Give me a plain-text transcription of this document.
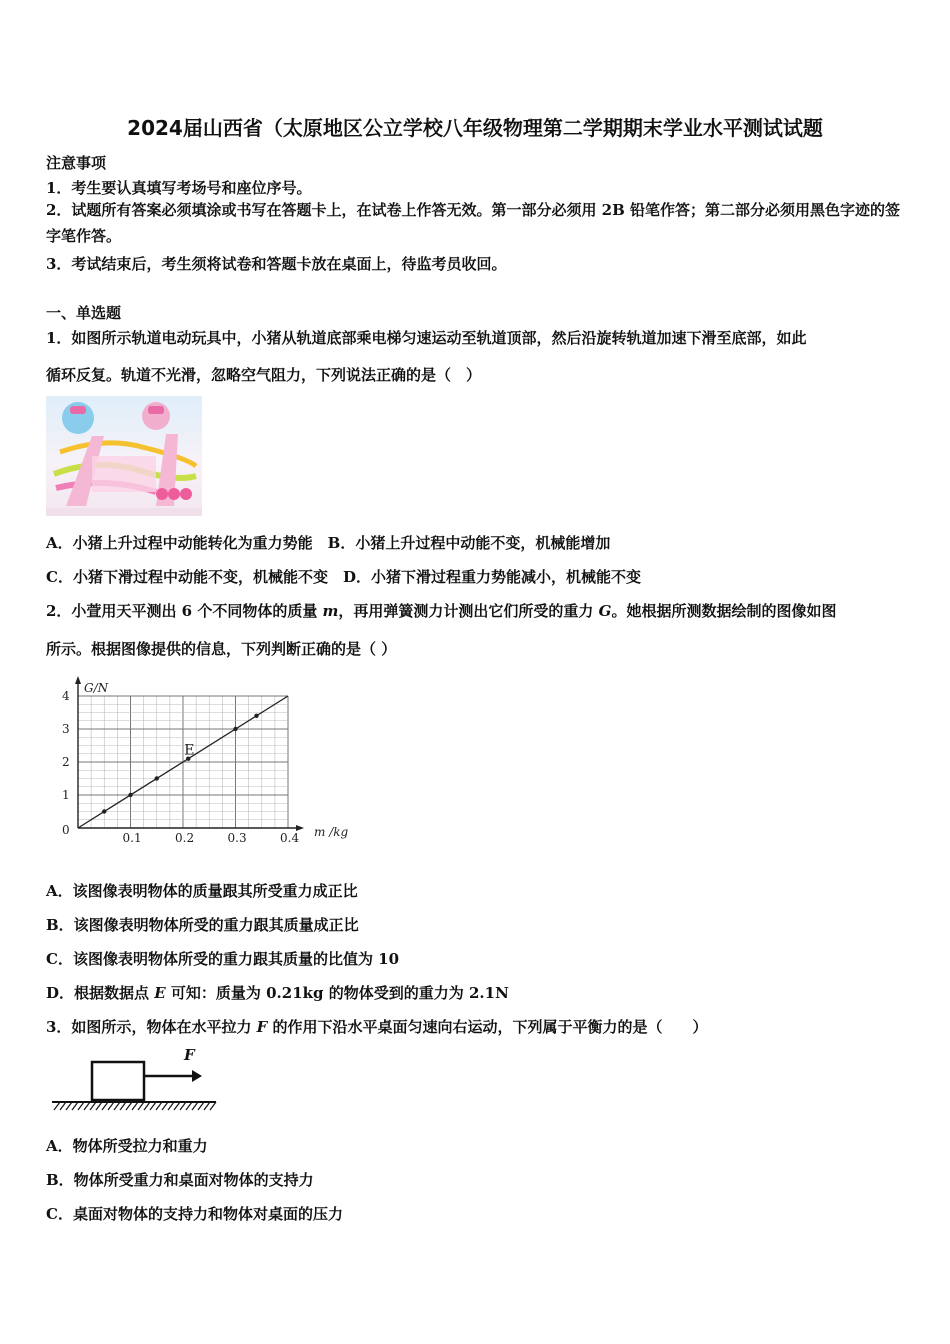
2024届山西省（太原地区公立学校八年级物理第二学期期末学业水平测试试题
注意事项
1．考生要认真填写考场号和座位序号。
2．试题所有答案必须填涂或书写在答题卡上，在试卷上作答无效。第一部分必须用 2B 铅笔作答；第二部分必须用黑色字迹的签字笔作答。
3．考试结束后，考生须将试卷和答题卡放在桌面上，待监考员收回。
一、单选题
1．如图所示轨道电动玩具中，小猪从轨道底部乘电梯匀速运动至轨道顶部，然后沿旋转轨道加速下滑至底部，如此
循环反复。轨道不光滑，忽略空气阻力，下列说法正确的是（　）
A．小猪上升过程中动能转化为重力势能　B．小猪上升过程中动能不变，机械能增加
C．小猪下滑过程中动能不变，机械能不变　D．小猪下滑过程重力势能减小，机械能不变
2．小萱用天平测出 6 个不同物体的质量 m，再用弹簧测力计测出它们所受的重力 G。她根据所测数据绘制的图像如图
所示。根据图像提供的信息，下列判断正确的是（ ）
0.1	0.2	0.3	0.4
1
2
3
4
0
G/N
m /kg
E
A．该图像表明物体的质量跟其所受重力成正比
B．该图像表明物体所受的重力跟其质量成正比
C．该图像表明物体所受的重力跟其质量的比值为 10
D．根据数据点 E 可知：质量为 0.21kg 的物体受到的重力为 2.1N
3．如图所示，物体在水平拉力 F 的作用下沿水平桌面匀速向右运动，下列属于平衡力的是（　　）
F
A．物体所受拉力和重力
B．物体所受重力和桌面对物体的支持力
C．桌面对物体的支持力和物体对桌面的压力
